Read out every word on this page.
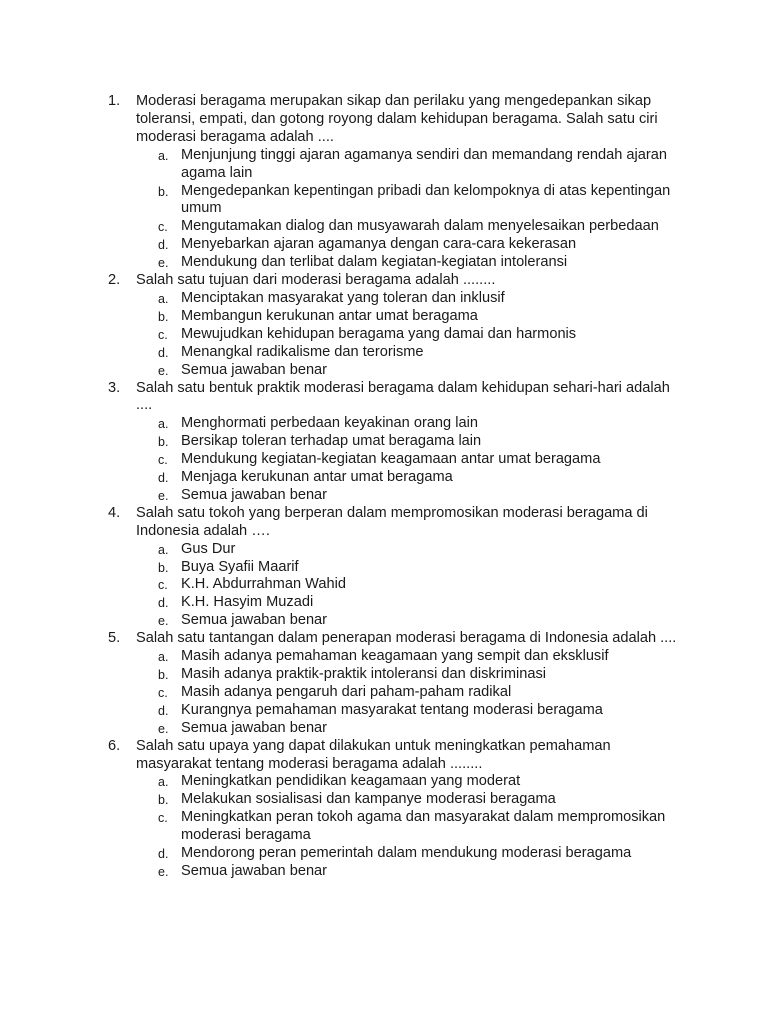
1.	Moderasi beragama merupakan sikap dan perilaku yang mengedepankan sikap toleransi, empati, dan gotong royong dalam kehidupan beragama. Salah satu ciri moderasi beragama adalah ....
a. Menjunjung tinggi ajaran agamanya sendiri dan memandang rendah ajaran agama lain
b. Mengedepankan kepentingan pribadi dan kelompoknya di atas kepentingan umum
c. Mengutamakan dialog dan musyawarah dalam menyelesaikan perbedaan
d. Menyebarkan ajaran agamanya dengan cara-cara kekerasan
e. Mendukung dan terlibat dalam kegiatan-kegiatan intoleransi
2.	Salah satu tujuan dari moderasi beragama adalah ........
a. Menciptakan masyarakat yang toleran dan inklusif
b. Membangun kerukunan antar umat beragama
c. Mewujudkan kehidupan beragama yang damai dan harmonis
d. Menangkal radikalisme dan terorisme
e. Semua jawaban benar
3.	Salah satu bentuk praktik moderasi beragama dalam kehidupan sehari-hari adalah ....
a. Menghormati perbedaan keyakinan orang lain
b. Bersikap toleran terhadap umat beragama lain
c. Mendukung kegiatan-kegiatan keagamaan antar umat beragama
d. Menjaga kerukunan antar umat beragama
e. Semua jawaban benar
4.	Salah satu tokoh yang berperan dalam mempromosikan moderasi beragama di Indonesia adalah ….
a. Gus Dur
b. Buya Syafii Maarif
c. K.H. Abdurrahman Wahid
d. K.H. Hasyim Muzadi
e. Semua jawaban benar
5.	Salah satu tantangan dalam penerapan moderasi beragama di Indonesia adalah ....
a. Masih adanya pemahaman keagamaan yang sempit dan eksklusif
b. Masih adanya praktik-praktik intoleransi dan diskriminasi
c. Masih adanya pengaruh dari paham-paham radikal
d. Kurangnya pemahaman masyarakat tentang moderasi beragama
e. Semua jawaban benar
6.	Salah satu upaya yang dapat dilakukan untuk meningkatkan pemahaman masyarakat tentang moderasi beragama adalah ........
a. Meningkatkan pendidikan keagamaan yang moderat
b. Melakukan sosialisasi dan kampanye moderasi beragama
c. Meningkatkan peran tokoh agama dan masyarakat dalam mempromosikan moderasi beragama
d. Mendorong peran pemerintah dalam mendukung moderasi beragama
e. Semua jawaban benar
